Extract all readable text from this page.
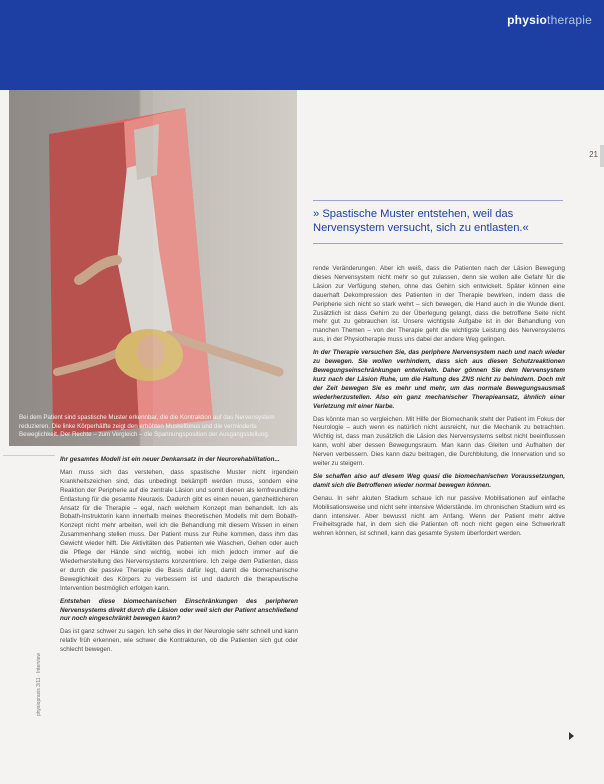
physiotherapie
Bei dem Patient sind spastische Muster erkennbar, die die Kontraktion auf das Nervensystem reduzieren. Die linke Körperhälfte zeigt den erhöhten Muskeltonus und die verminderte Beweglichkeit. Der Rechte – zum Vergleich – die Spannungsposition der Ausgangsstellung.
21

» Spastische Muster entstehen, weil das Nervensystem versucht, sich zu entlasten.«

Ihr gesamtes Modell ist ein neuer Denkansatz in der Neurorehabilitation...

Man muss sich das verstehen, dass spastische Muster nicht irgendein Krankheitszeichen sind, das unbedingt bekämpft werden muss, sondern eine Reaktion der Peripherie auf die zentrale Läsion und somit dienen als lernfreundliche Entlastung für die gesamte Neuraxis. Dadurch gibt es einen neuen, ganzheitlicheren Ansatz für die Therapie – egal, nach welchem Konzept man behandelt. Ich als Bobath-Instruktorin kann innerhalb meines theoretischen Modells mit dem Bobath-Konzept nicht mehr arbeiten, weil ich die Behandlung mit diesem Wissen in einen Zusammenhang stellen muss. Der Patient muss zur Ruhe kommen, dass ihm das Gewicht wieder hilft. Die Aktivitäten des Patienten wie Waschen, Gehen oder auch die Pflege der Hände sind wichtig, wobei ich mich jedoch immer auf die Wiederherstellung des Nervensystems konzentriere. Ich zeige dem Patienten, dass er durch die passive Therapie die Basis dafür legt, damit die biomechanische Beweglichkeit des Körpers zu verbessern ist und dadurch die therapeutische Intervention bestmöglich erfolgen kann.

Entstehen diese biomechanischen Einschränkungen des peripheren Nervensystems direkt durch die Läsion oder weil sich der Patient anschließend nur noch eingeschränkt bewegen kann?

Das ist ganz schwer zu sagen. Ich sehe dies in der Neurologie sehr schnell und kann relativ früh erkennen, wie schwer die Kontrakturen, ob die Patienten sich gut oder schlecht bewegen.

rende Veränderungen. Aber ich weiß, dass die Patienten nach der Läsion Bewegung dieses Nervensystem nicht mehr so gut zulassen, denn sie wollen alle Gefahr für die Läsion zur Verfügung stehen, ohne das Gehirn sich entwickelt. Später können eine dauerhaft Dekompression des Patienten in der Therapie bewirken, indem dass die Peripherie sich nicht so stark wehrt – sich bewegen, die Hand auch in die Wunde dient. Zusätzlich ist dass Gehirn zu der Überlegung gelangt, dass die betroffene Seite nicht mehr gut zu gebrauchen ist. Unsere wichtigste Aufgabe ist in der Behandlung von manchen Themen – von der Therapie geht die wichtigste Leistung des Nervensystems aus, in der Physiotherapie muss uns dabei der andere Weg gelingen.

In der Therapie versuchen Sie, das periphere Nervensystem nach und nach wieder zu bewegen. Sie wollen verhindern, dass sich aus diesen Schutzreaktionen Bewegungseinschränkungen entwickeln. Daher gönnen Sie dem Nervensystem kurz nach der Läsion Ruhe, um die Haltung des ZNS nicht zu behindern. Doch mit der Zeit bewegen Sie es mehr und mehr, um das normale Bewegungsausmaß wiederherzustellen. Also ein ganz mechanischer Therapieansatz, ähnlich einer Verletzung mit einer Narbe.

Das könnte man so vergleichen. Mit Hilfe der Biomechanik steht der Patient im Fokus der Neurologie – auch wenn es natürlich nicht ausreicht, nur die Mechanik zu betrachten. Wichtig ist, dass man zusätzlich die Läsion des Nervensystems selbst nicht beeinflussen kann, wohl aber dessen Bewegungsraum. Man kann das Gleiten und Aufhalten der Nerven verbessern. Dies kann dazu beitragen, die Durchblutung, die Innervation und so weiter zu steigern.

Sie schaffen also auf diesem Weg quasi die biomechanischen Voraussetzungen, damit sich die Betroffenen wieder normal bewegen können.

Genau. In sehr akuten Stadium schaue ich nur passive Mobilisationen auf einfache Mobilisationsweise und nicht sehr intensive Widerstände. Im chronischen Stadium wird es dann intensiver. Aber bewusst nicht am Anfang. Wenn der Patient mehr aktive Freiheitsgrade hat, in dem sich die Patienten oft noch nicht gegen eine Schwerkraft wehren können, ist schnell, kann das gesamte System überfordert werden.

physiopraxis 3/11 · Interview
